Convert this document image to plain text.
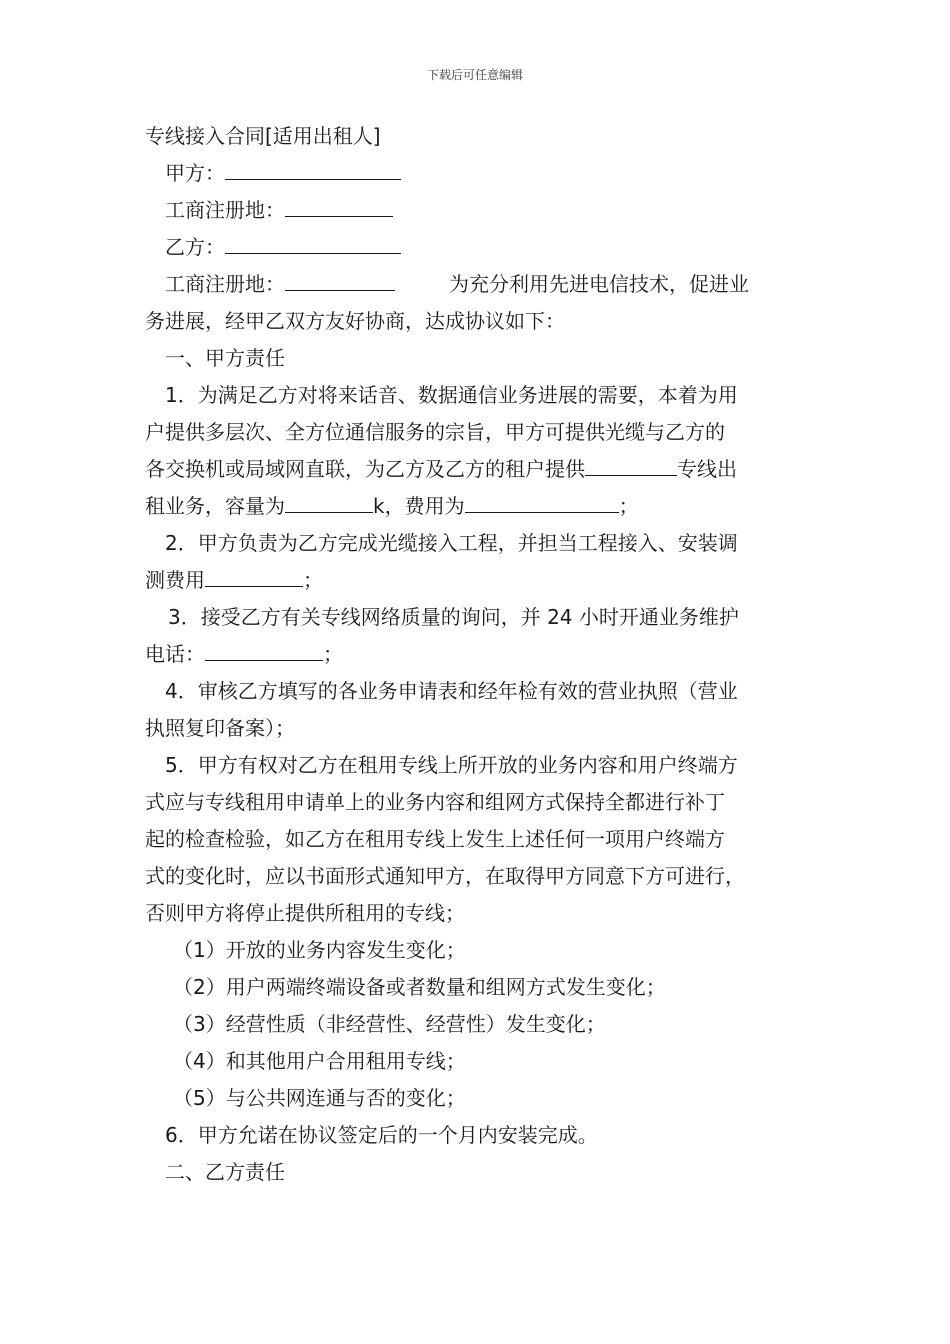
下载后可任意编辑

专线接入合同[适用出租人]

甲方：

工商注册地：

乙方：

工商注册地：	为充分利用先进电信技术，促进业

务进展，经甲乙双方友好协商，达成协议如下：

一、甲方责任

1．为满足乙方对将来话音、数据通信业务进展的需要，本着为用

户提供多层次、全方位通信服务的宗旨，甲方可提供光缆与乙方的

各交换机或局域网直联，为乙方及乙方的租户提供	专线出

租业务，容量为	k，费用为	；

2．甲方负责为乙方完成光缆接入工程，并担当工程接入、安装调

测费用	；

3．接受乙方有关专线网络质量的询问，并 24 小时开通业务维护

电话：	；

4．审核乙方填写的各业务申请表和经年检有效的营业执照（营业

执照复印备案）；

5．甲方有权对乙方在租用专线上所开放的业务内容和用户终端方

式应与专线租用申请单上的业务内容和组网方式保持全都进行补丁

起的检查检验，如乙方在租用专线上发生上述任何一项用户终端方

式的变化时，应以书面形式通知甲方，在取得甲方同意下方可进行，

否则甲方将停止提供所租用的专线；

（1）开放的业务内容发生变化；

（2）用户两端终端设备或者数量和组网方式发生变化；

（3）经营性质（非经营性、经营性）发生变化；

（4）和其他用户合用租用专线；

（5）与公共网连通与否的变化；

6．甲方允诺在协议签定后的一个月内安装完成。

二、乙方责任
